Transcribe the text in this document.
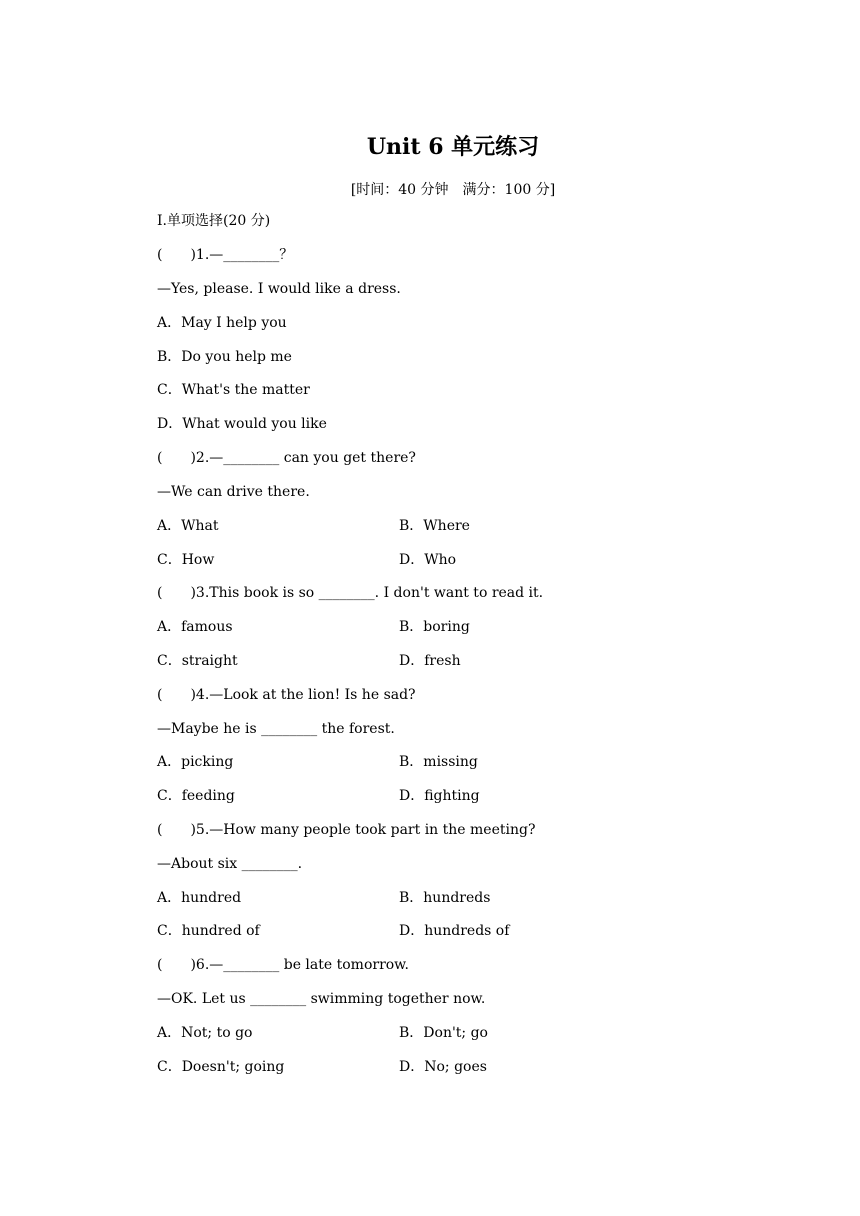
Unit 6 单元练习
[时间：40 分钟　满分：100 分]
I.单项选择(20 分)
(　　)1.—________？
—Yes, please. I would like a dress.
A．May I help you
B．Do you help me
C．What's the matter
D．What would you like
(　　)2.—________ can you get there?
—We can drive there.
A．What	B．Where
C．How	D．Who
(　　)3.This book is so ________. I don't want to read it.
A．famous	B．boring
C．straight	D．fresh
(　　)4.—Look at the lion! Is he sad?
—Maybe he is ________ the forest.
A．picking	B．missing
C．feeding	D．fighting
(　　)5.—How many people took part in the meeting?
—About six ________.
A．hundred	B．hundreds
C．hundred of	D．hundreds of
(　　)6.—________ be late tomorrow.
—OK. Let us ________ swimming together now.
A．Not; to go	B．Don't; go
C．Doesn't; going	D．No; goes
